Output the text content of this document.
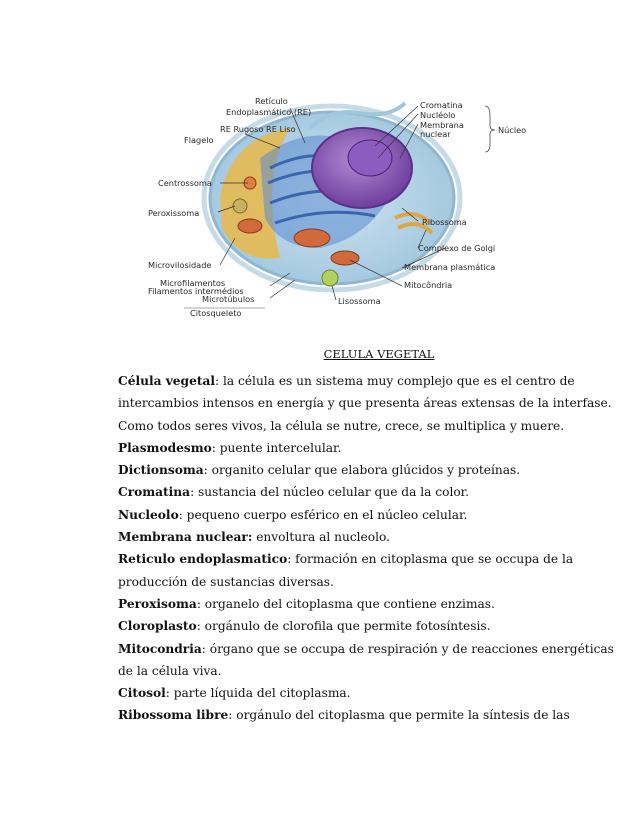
Retículo
Endoplasmático (RE)
RE Rugoso RE Liso
Flagelo
Centrossoma
Peroxissoma
Microvilosidade
Microfilamentos
Filamentos intermédios
Microtúbulos
Citosqueleto
Cromatina
Nucléolo
Membrana
nuclear	Núcleo
Ribossoma
Complexo de Golgi
Membrana plasmática
Mitocôndria
Lisossoma
CELULA VEGETAL

Célula vegetal: la célula es un sistema muy complejo que es el centro de

intercambios intensos en energía y que presenta áreas extensas de la interfase.

Como todos seres vivos, la célula se nutre, crece, se multiplica y muere.

Plasmodesmo: puente intercelular.

Dictionsoma: organito celular que elabora glúcidos y proteínas.

Cromatina: sustancia del núcleo celular que da la color.

Nucleolo: pequeno cuerpo esférico en el núcleo celular.

Membrana nuclear: envoltura al nucleolo.

Reticulo endoplasmatico: formación en citoplasma que se occupa de la

producción de sustancias diversas.

Peroxisoma: organelo del citoplasma que contiene enzimas.

Cloroplasto: orgánulo de clorofila que permite fotosíntesis.

Mitocondria: órgano que se occupa de respiración y de reacciones energéticas

de la célula viva.

Citosol: parte líquida del citoplasma.

Ribossoma libre: orgánulo del citoplasma que permite la síntesis de las
